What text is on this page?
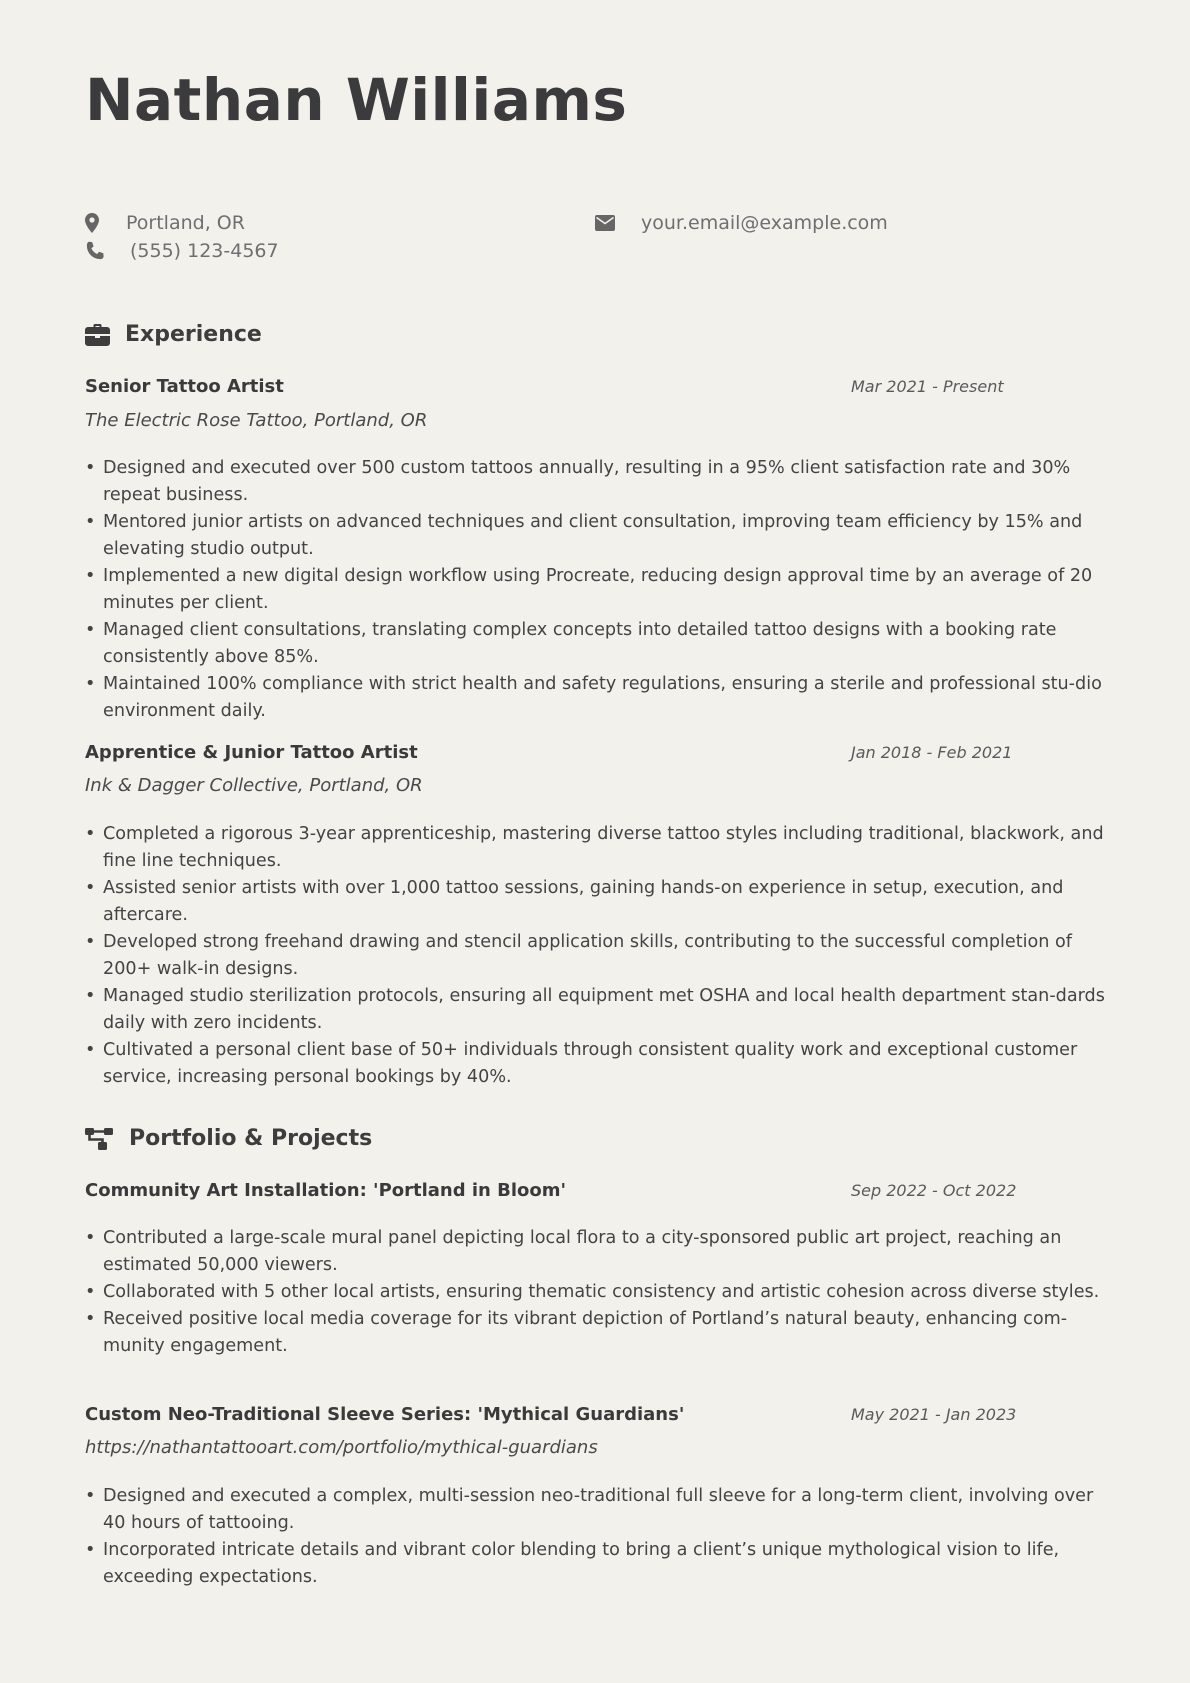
Nathan Williams
Portland, OR
(555) 123-4567
your.email@example.com
Experience
Senior Tattoo Artist	Mar 2021 - Present
The Electric Rose Tattoo, Portland, OR
• Designed and executed over 500 custom tattoos annually, resulting in a 95% client satisfaction rate and 30% repeat business.
• Mentored junior artists on advanced techniques and client consultation, improving team efficiency by 15% and elevating studio output.
• Implemented a new digital design workflow using Procreate, reducing design approval time by an average of 20 minutes per client.
• Managed client consultations, translating complex concepts into detailed tattoo designs with a booking rate consistently above 85%.
• Maintained 100% compliance with strict health and safety regulations, ensuring a sterile and professional stu-dio environment daily.
Apprentice & Junior Tattoo Artist	Jan 2018 - Feb 2021
Ink & Dagger Collective, Portland, OR
• Completed a rigorous 3-year apprenticeship, mastering diverse tattoo styles including traditional, blackwork, and fine line techniques.
• Assisted senior artists with over 1,000 tattoo sessions, gaining hands-on experience in setup, execution, and aftercare.
• Developed strong freehand drawing and stencil application skills, contributing to the successful completion of 200+ walk-in designs.
• Managed studio sterilization protocols, ensuring all equipment met OSHA and local health department stan-dards daily with zero incidents.
• Cultivated a personal client base of 50+ individuals through consistent quality work and exceptional customer service, increasing personal bookings by 40%.
Portfolio & Projects
Community Art Installation: 'Portland in Bloom'	Sep 2022 - Oct 2022
• Contributed a large-scale mural panel depicting local flora to a city-sponsored public art project, reaching an estimated 50,000 viewers.
• Collaborated with 5 other local artists, ensuring thematic consistency and artistic cohesion across diverse styles.
• Received positive local media coverage for its vibrant depiction of Portland’s natural beauty, enhancing com-munity engagement.
Custom Neo-Traditional Sleeve Series: 'Mythical Guardians'	May 2021 - Jan 2023
https://nathantattooart.com/portfolio/mythical-guardians
• Designed and executed a complex, multi-session neo-traditional full sleeve for a long-term client, involving over 40 hours of tattooing.
• Incorporated intricate details and vibrant color blending to bring a client’s unique mythological vision to life, exceeding expectations.
